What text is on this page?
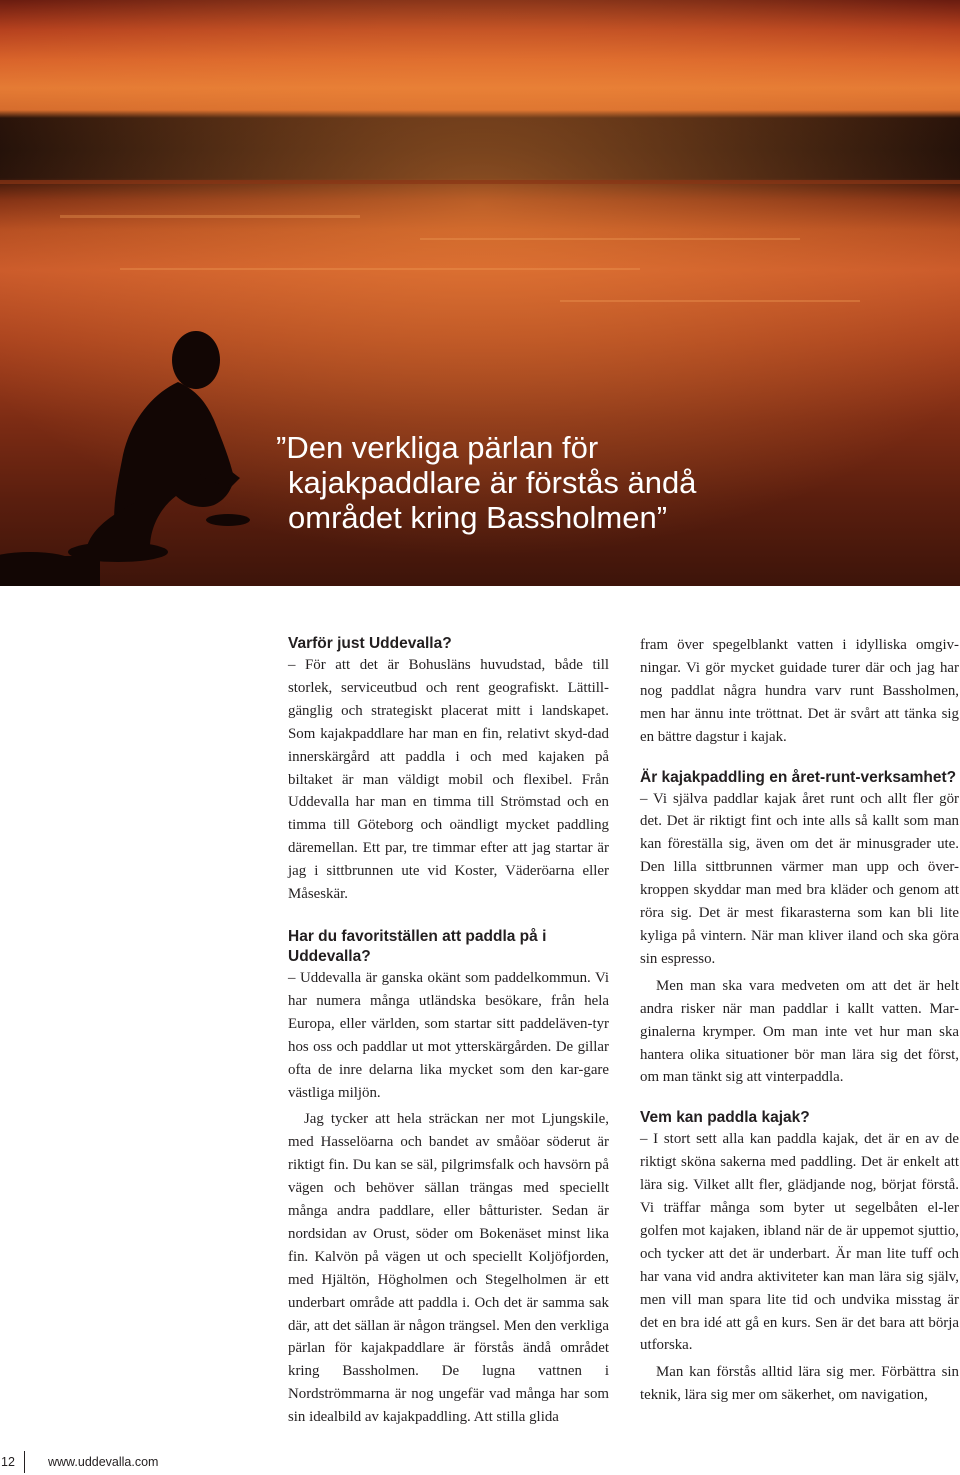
”Den verkliga pärlan för
kajakpaddlare är förstås ändå
området kring Bassholmen”
Varför just Uddevalla?

– För att det är Bohusläns huvudstad, både till storlek, serviceutbud och rent geografiskt. Lättill-gänglig och strategiskt placerat mitt i landskapet. Som kajakpaddlare har man en fin, relativt skyd-dad innerskärgård att paddla i och med kajaken på biltaket är man väldigt mobil och flexibel. Från Uddevalla har man en timma till Strömstad och en timma till Göteborg och oändligt mycket paddling däremellan. Ett par, tre timmar efter att jag startar är jag i sittbrunnen ute vid Koster, Väderöarna eller Måseskär.

Har du favoritställen att paddla på i Uddevalla?

– Uddevalla är ganska okänt som paddelkommun. Vi har numera många utländska besökare, från hela Europa, eller världen, som startar sitt paddeläven-tyr hos oss och paddlar ut mot ytterskärgården. De gillar ofta de inre delarna lika mycket som den kar-gare västliga miljön.

Jag tycker att hela sträckan ner mot Ljungskile, med Hasselöarna och bandet av småöar söderut är riktigt fin. Du kan se säl, pilgrimsfalk och havsörn på vägen och behöver sällan trängas med speciellt många andra paddlare, eller båtturister. Sedan är nordsidan av Orust, söder om Bokenäset minst lika fin. Kalvön på vägen ut och speciellt Koljöfjorden, med Hjältön, Högholmen och Stegelholmen är ett underbart område att paddla i. Och det är samma sak där, att det sällan är någon trängsel. Men den verkliga pärlan för kajakpaddlare är förstås ändå området kring Bassholmen. De lugna vattnen i Nordströmmarna är nog ungefär vad många har som sin idealbild av kajakpaddling. Att stilla glida

fram över spegelblankt vatten i idylliska omgiv-ningar. Vi gör mycket guidade turer där och jag har nog paddlat några hundra varv runt Bassholmen, men har ännu inte tröttnat. Det är svårt att tänka sig en bättre dagstur i kajak.

Är kajakpaddling en året-runt-verksamhet?

– Vi själva paddlar kajak året runt och allt fler gör det. Det är riktigt fint och inte alls så kallt som man kan föreställa sig, även om det är minusgrader ute. Den lilla sittbrunnen värmer man upp och över-kroppen skyddar man med bra kläder och genom att röra sig. Det är mest fikarasterna som kan bli lite kyliga på vintern. När man kliver iland och ska göra sin espresso.

Men man ska vara medveten om att det är helt andra risker när man paddlar i kallt vatten. Mar-ginalerna krymper. Om man inte vet hur man ska hantera olika situationer bör man lära sig det först, om man tänkt sig att vinterpaddla.

Vem kan paddla kajak?

– I stort sett alla kan paddla kajak, det är en av de riktigt sköna sakerna med paddling. Det är enkelt att lära sig. Vilket allt fler, glädjande nog, börjat förstå. Vi träffar många som byter ut segelbåten el-ler golfen mot kajaken, ibland när de är uppemot sjuttio, och tycker att det är underbart. Är man lite tuff och har vana vid andra aktiviteter kan man lära sig själv, men vill man spara lite tid och undvika misstag är det en bra idé att gå en kurs. Sen är det bara att börja utforska.

Man kan förstås alltid lära sig mer. Förbättra sin teknik, lära sig mer om säkerhet, om navigation,

12	www.uddevalla.com
